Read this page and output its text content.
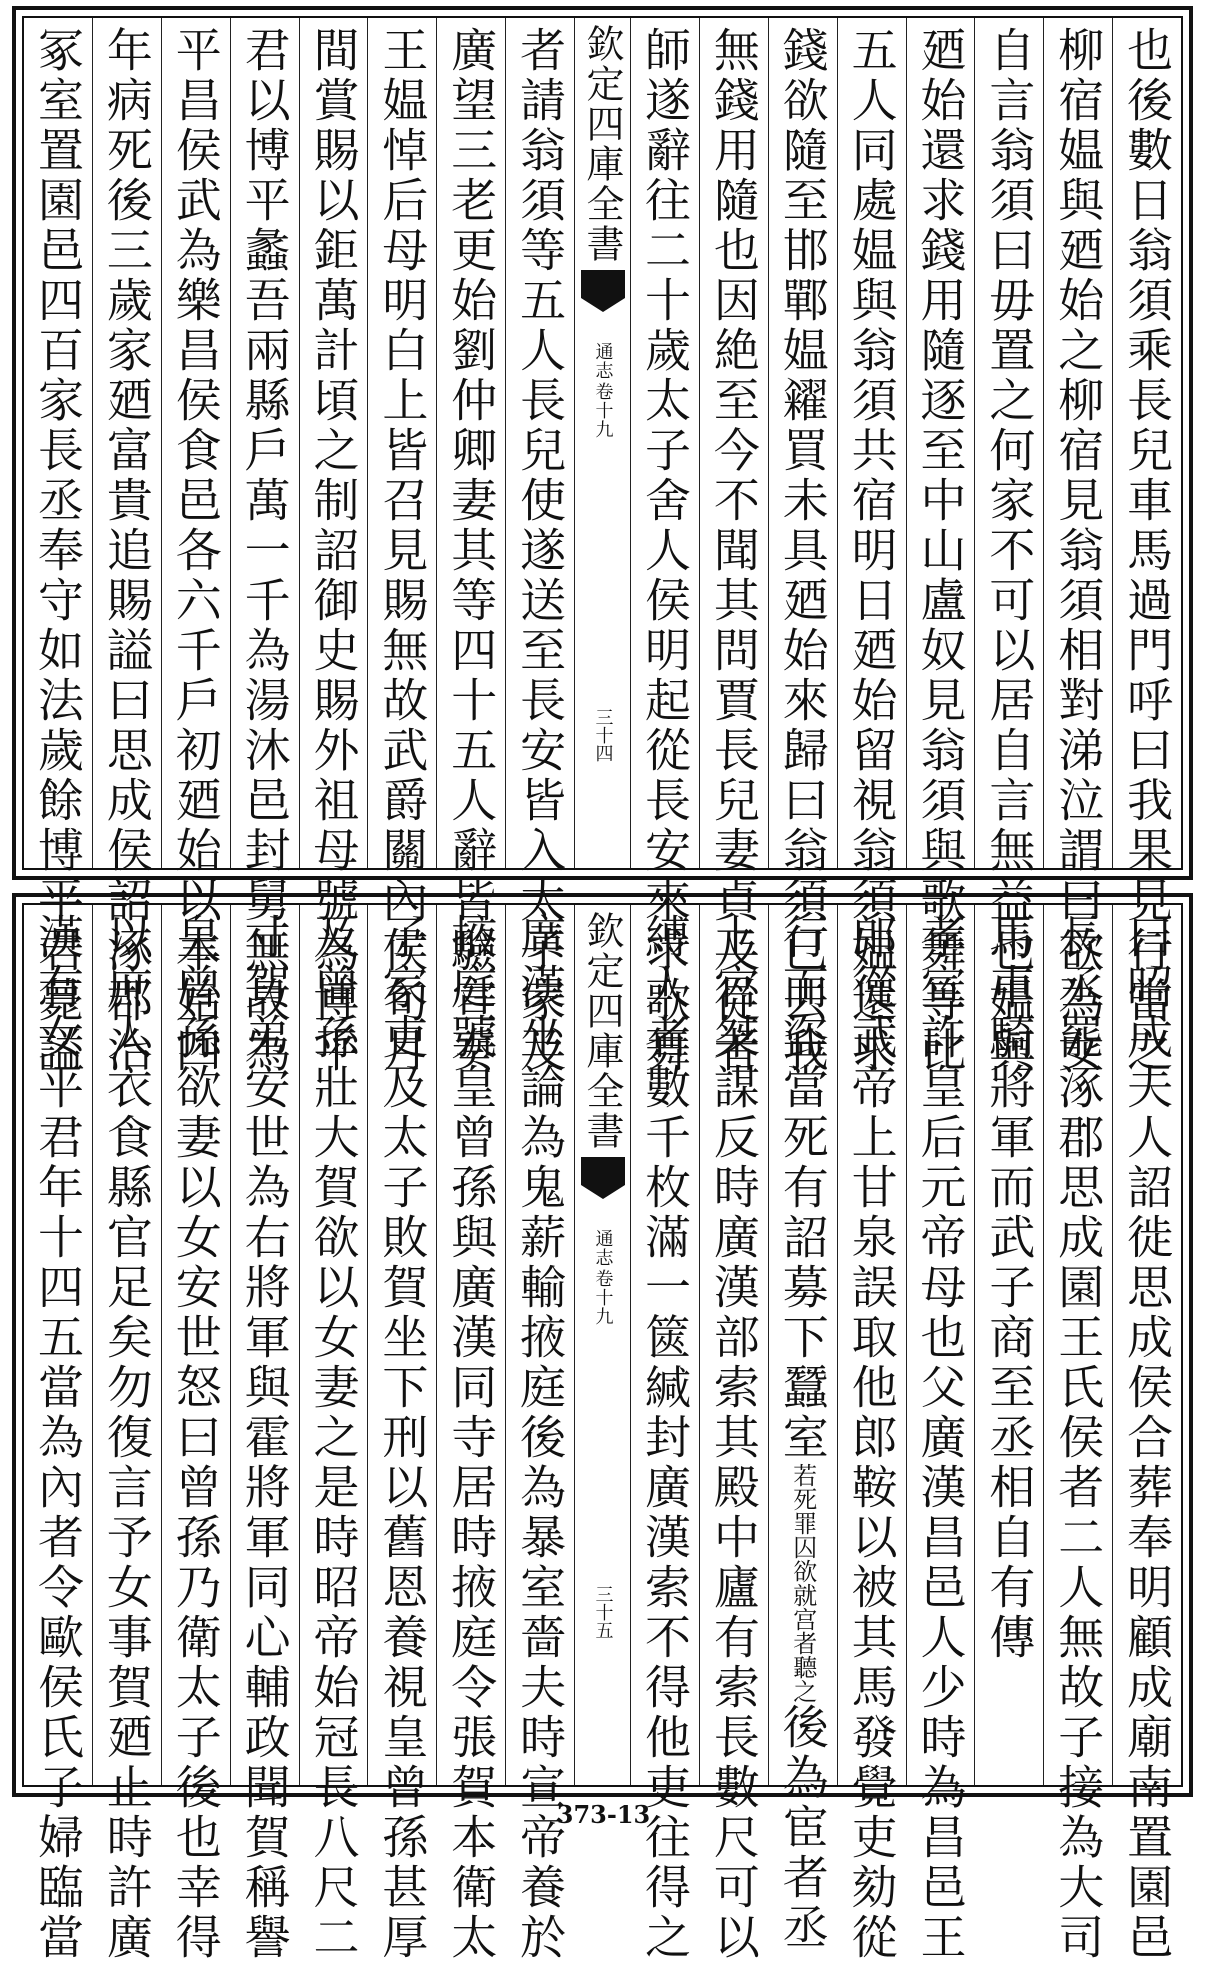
也後數日翁須乘長兒車馬過門呼曰我果見行當之
柳宿媪與廼始之柳宿見翁須相對涕泣謂曰欲為女
自言翁須曰毋置之何家不可以居自言無益也媪與
廼始還求錢用隨逐至中山盧奴見翁須與歌舞等比
五人同處媪與翁須共宿明日廼始留視翁須媪還求
錢欲隨至邯鄲媪糴買未具廼始來歸曰翁須已去我
無錢用隨也因絶至今不聞其問賈長兒妻貞及從者
師遂辭往二十歲太子舍人侯明起從長安來求歌舞
欽定四庫全書
通志
卷十九
三十四
者請翁須等五人長兒使遂送至長安皆入太子家及
廣望三老更始劉仲卿妻其等四十五人辭皆驗宣奏
王媪悼后母明白上皆召見賜無故武爵關內侯旬月
間賞賜以鉅萬計頃之制詔御史賜外祖母號為博平
君以博平蠡吾兩縣戶萬一千為湯沐邑封舅無故為
平昌侯武為樂昌侯食邑各六千戶初廼始以本始四
年病死後三歲家廼富貴追賜謚曰思成侯詔涿郡治
冢室置園邑四百家長丞奉守如法歲餘博平君薨謚
曰昭成夫人詔徙思成侯合葬奉明顧成廟南置園邑
長丞罷涿郡思成園王氏侯者二人無故子接為大司
馬車騎將軍而武子商至丞相自有傳
孝宣許皇后元帝母也父廣漢昌邑人少時為昌邑王
郎從武帝上甘泉誤取他郎鞍以被其馬發覺吏劾從
行而盜當死有詔募下蠶室若死罪囚欲就宫者聽之後為宦者丞
上官桀謀反時廣漢部索其殿中廬有索長數尺可以
縛人者數千枚滿一篋緘封廣漢索不得他吏往得之
欽定四庫全書
通志
卷十九
三十五
廣漢坐論為鬼薪輸掖庭後為暴室嗇夫時宣帝養於
掖庭號皇曾孫與廣漢同寺居時掖庭令張賀本衛太
子家吏及太子敗賀坐下刑以舊恩養視皇曾孫甚厚
及曾孫壯大賀欲以女妻之是時昭帝始冠長八尺二
寸賀弟安世為右將軍與霍將軍同心輔政聞賀稱譽
皇曾孫欲妻以女安世怒曰曾孫乃衛太子後也幸得
以庶人衣食縣官足矣勿復言予女事賀廼止時許廣
漢有女平君年十四五當為內者令歐侯氏子婦臨當	373-13
